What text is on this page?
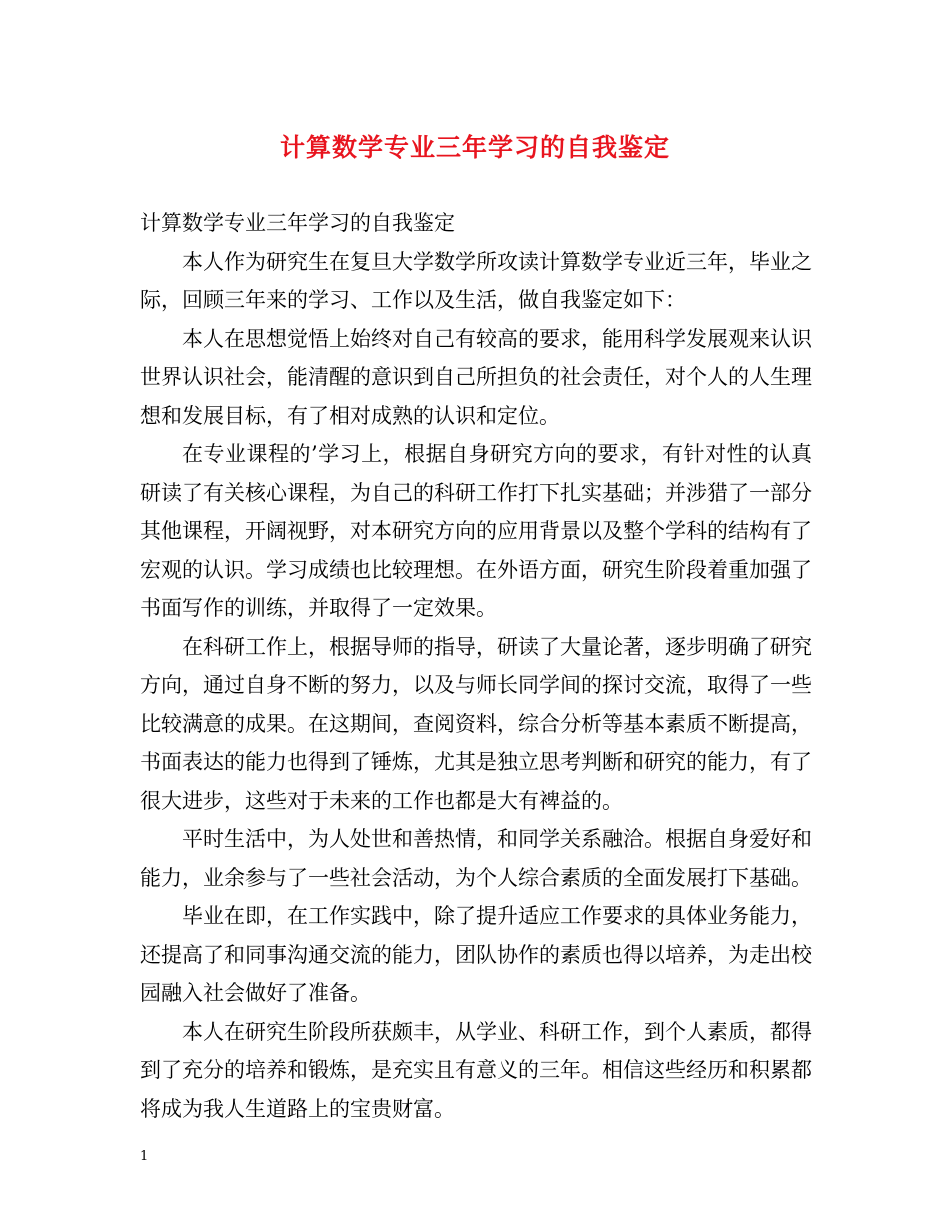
计算数学专业三年学习的自我鉴定

计算数学专业三年学习的自我鉴定

本人作为研究生在复旦大学数学所攻读计算数学专业近三年，毕业之际，回顾三年来的学习、工作以及生活，做自我鉴定如下：

本人在思想觉悟上始终对自己有较高的要求，能用科学发展观来认识世界认识社会，能清醒的意识到自己所担负的社会责任，对个人的人生理想和发展目标，有了相对成熟的认识和定位。

在专业课程的’学习上，根据自身研究方向的要求，有针对性的认真研读了有关核心课程，为自己的科研工作打下扎实基础；并涉猎了一部分其他课程，开阔视野，对本研究方向的应用背景以及整个学科的结构有了宏观的认识。学习成绩也比较理想。在外语方面，研究生阶段着重加强了书面写作的训练，并取得了一定效果。

在科研工作上，根据导师的指导，研读了大量论著，逐步明确了研究方向，通过自身不断的努力，以及与师长同学间的探讨交流，取得了一些比较满意的成果。在这期间，查阅资料，综合分析等基本素质不断提高，书面表达的能力也得到了锤炼，尤其是独立思考判断和研究的能力，有了很大进步，这些对于未来的工作也都是大有裨益的。

平时生活中，为人处世和善热情，和同学关系融洽。根据自身爱好和能力，业余参与了一些社会活动，为个人综合素质的全面发展打下基础。

毕业在即，在工作实践中，除了提升适应工作要求的具体业务能力，还提高了和同事沟通交流的能力，团队协作的素质也得以培养，为走出校园融入社会做好了准备。

本人在研究生阶段所获颇丰，从学业、科研工作，到个人素质，都得到了充分的培养和锻炼，是充实且有意义的三年。相信这些经历和积累都将成为我人生道路上的宝贵财富。

1
